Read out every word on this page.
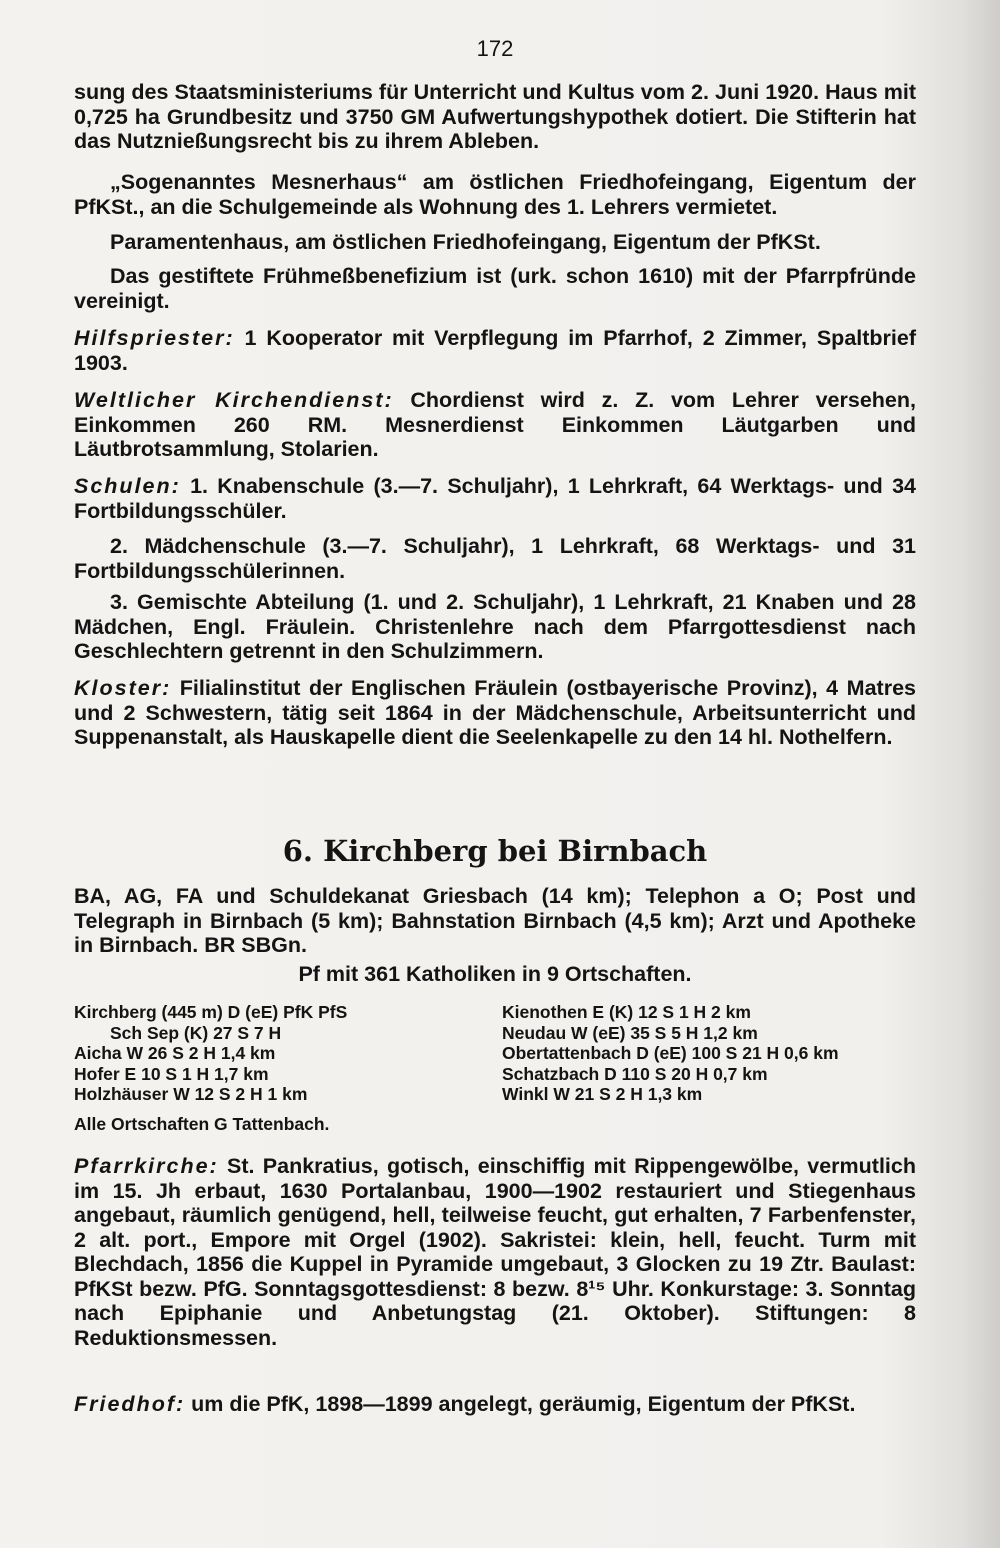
172

sung des Staatsministeriums für Unterricht und Kultus vom 2. Juni 1920. Haus mit 0,725 ha Grundbesitz und 3750 GM Aufwertungshypothek dotiert. Die Stifterin hat das Nutznießungsrecht bis zu ihrem Ableben.

„Sogenanntes Mesnerhaus“ am östlichen Friedhofeingang, Eigentum der PfKSt., an die Schulgemeinde als Wohnung des 1. Lehrers vermietet.

Paramentenhaus, am östlichen Friedhofeingang, Eigentum der PfKSt.

Das gestiftete Frühmeßbenefizium ist (urk. schon 1610) mit der Pfarrpfründe vereinigt.

Hilfspriester: 1 Kooperator mit Verpflegung im Pfarrhof, 2 Zimmer, Spaltbrief 1903.

Weltlicher Kirchendienst: Chordienst wird z. Z. vom Lehrer versehen, Einkommen 260 RM. Mesnerdienst Einkommen Läutgarben und Läutbrotsammlung, Stolarien.

Schulen: 1. Knabenschule (3.—7. Schuljahr), 1 Lehrkraft, 64 Werktags- und 34 Fortbildungsschüler.

2. Mädchenschule (3.—7. Schuljahr), 1 Lehrkraft, 68 Werktags- und 31 Fortbildungsschülerinnen.

3. Gemischte Abteilung (1. und 2. Schuljahr), 1 Lehrkraft, 21 Knaben und 28 Mädchen, Engl. Fräulein. Christenlehre nach dem Pfarrgottesdienst nach Geschlechtern getrennt in den Schulzimmern.

Kloster: Filialinstitut der Englischen Fräulein (ostbayerische Provinz), 4 Matres und 2 Schwestern, tätig seit 1864 in der Mädchenschule, Arbeitsunterricht und Suppenanstalt, als Hauskapelle dient die Seelenkapelle zu den 14 hl. Nothelfern.

6. Kirchberg bei Birnbach

BA, AG, FA und Schuldekanat Griesbach (14 km); Telephon a O; Post und Telegraph in Birnbach (5 km); Bahnstation Birnbach (4,5 km); Arzt und Apotheke in Birnbach. BR SBGn.

Pf mit 361 Katholiken in 9 Ortschaften.

Kirchberg (445 m) D (eE) PfK PfS
Sch Sep (K) 27 S 7 H
Aicha W 26 S 2 H 1,4 km
Hofer E 10 S 1 H 1,7 km
Holzhäuser W 12 S 2 H 1 km
Kienothen E (K) 12 S 1 H 2 km
Neudau W (eE) 35 S 5 H 1,2 km
Obertattenbach D (eE) 100 S 21 H 0,6 km
Schatzbach D 110 S 20 H 0,7 km
Winkl W 21 S 2 H 1,3 km

Alle Ortschaften G Tattenbach.

Pfarrkirche: St. Pankratius, gotisch, einschiffig mit Rippengewölbe, vermutlich im 15. Jh erbaut, 1630 Portalanbau, 1900—1902 restauriert und Stiegenhaus angebaut, räumlich genügend, hell, teilweise feucht, gut erhalten, 7 Farbenfenster, 2 alt. port., Empore mit Orgel (1902). Sakristei: klein, hell, feucht. Turm mit Blechdach, 1856 die Kuppel in Pyramide umgebaut, 3 Glocken zu 19 Ztr. Baulast: PfKSt bezw. PfG. Sonntagsgottesdienst: 8 bezw. 8¹⁵ Uhr. Konkurstage: 3. Sonntag nach Epiphanie und Anbetungstag (21. Oktober). Stiftungen: 8 Reduktionsmessen.

Friedhof: um die PfK, 1898—1899 angelegt, geräumig, Eigentum der PfKSt.
